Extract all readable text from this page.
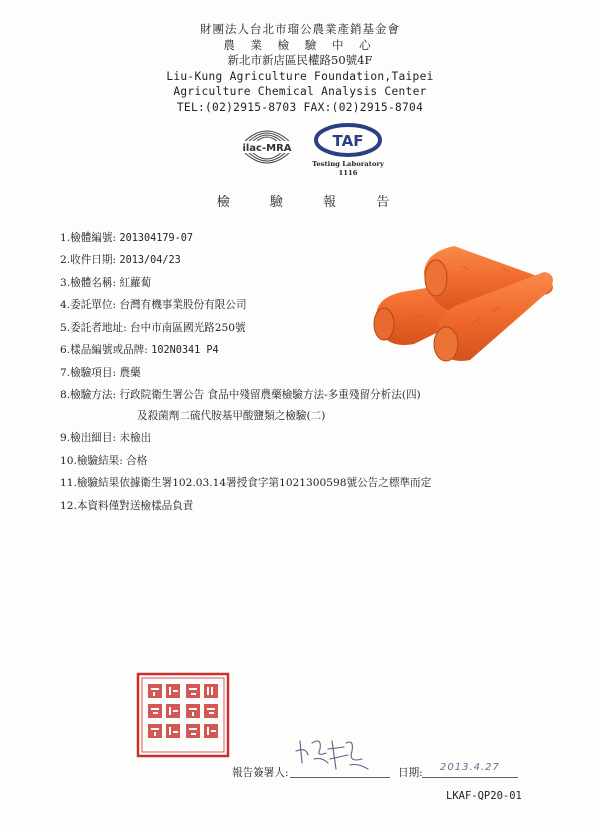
財團法人台北市瑠公農業產銷基金會
農 業 檢 驗 中 心
新北市新店區民權路50號4F
Liu-Kung Agriculture Foundation,Taipei
Agriculture Chemical Analysis Center
TEL:(02)2915-8703 FAX:(02)2915-8704
ilac-MRA	TAF
Testing Laboratory
1116
檢 驗 報 告
1.檢體編號: 201304179-07
2.收件日期: 2013/04/23
3.檢體名稱: 紅蘿蔔
4.委託單位: 台灣有機事業股份有限公司
5.委託者地址: 台中市南區國光路250號
6.樣品編號或品牌: 102N0341 P4
7.檢驗項目: 農藥
8.檢驗方法: 行政院衛生署公告 食品中殘留農藥檢驗方法-多重殘留分析法(四)
及殺菌劑二硫代胺基甲酸鹽類之檢驗(二)
9.檢出細目: 未檢出
10.檢驗結果: 合格
11.檢驗結果依據衛生署102.03.14署授食字第1021300598號公告之標準而定
12.本資料僅對送檢樣品負責
報告簽署人:	日期: 2013.4.27
LKAF-QP20-01
